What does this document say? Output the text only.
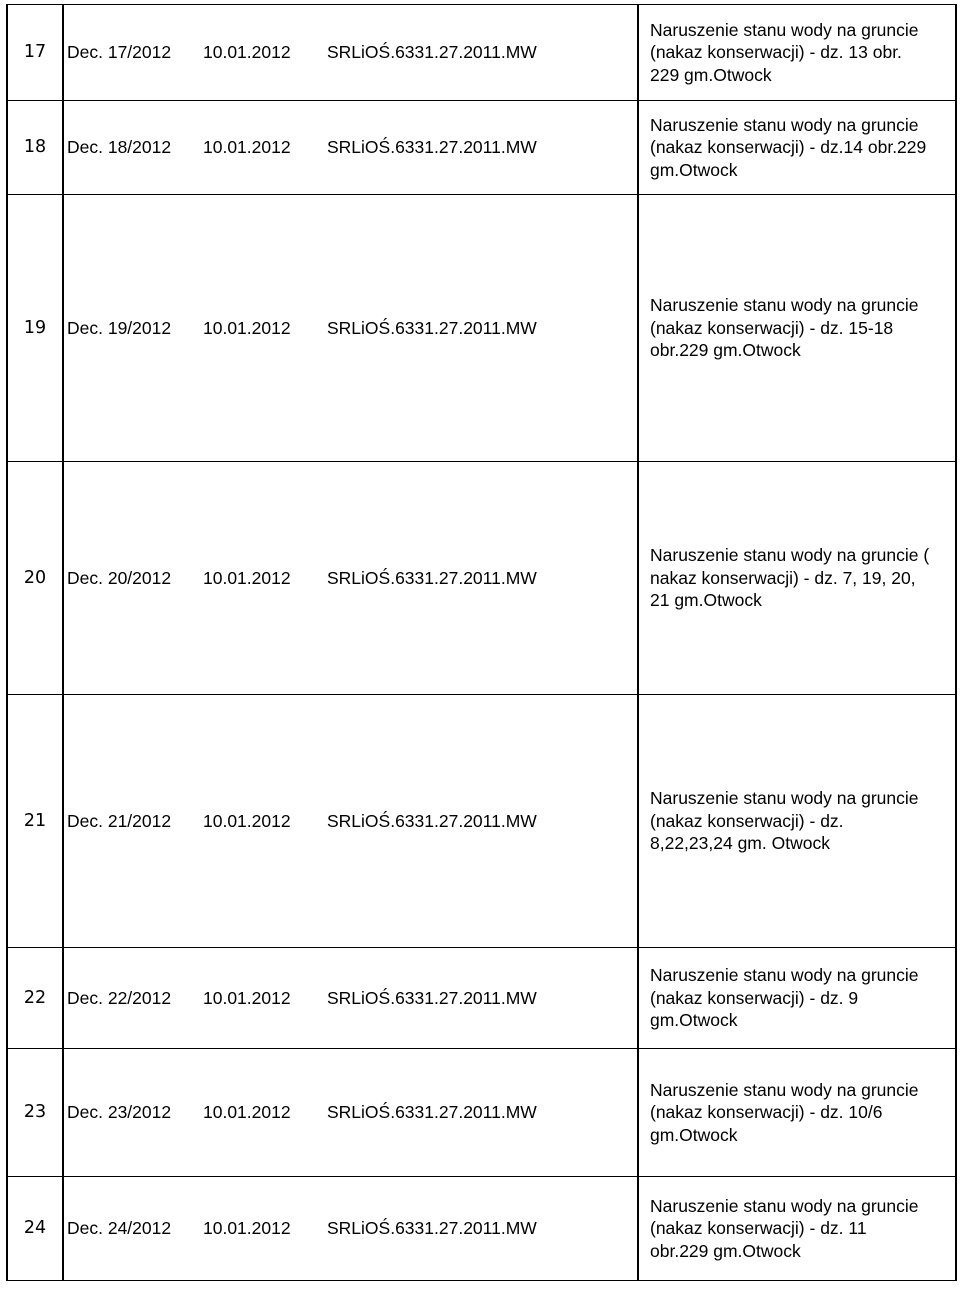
17	Dec. 17/2012	10.01.2012	SRLiOŚ.6331.27.2011.MW	Naruszenie stanu wody na gruncie
(nakaz konserwacji) - dz. 13 obr.
229 gm.Otwock

18	Dec. 18/2012	10.01.2012	SRLiOŚ.6331.27.2011.MW	Naruszenie stanu wody na gruncie
(nakaz konserwacji) - dz.14 obr.229
gm.Otwock

19	Dec. 19/2012	10.01.2012	SRLiOŚ.6331.27.2011.MW	Naruszenie stanu wody na gruncie
(nakaz konserwacji) - dz. 15-18
obr.229 gm.Otwock

20	Dec. 20/2012	10.01.2012	SRLiOŚ.6331.27.2011.MW	Naruszenie stanu wody na gruncie (
nakaz konserwacji) - dz. 7, 19, 20,
21 gm.Otwock

21	Dec. 21/2012	10.01.2012	SRLiOŚ.6331.27.2011.MW	Naruszenie stanu wody na gruncie
(nakaz konserwacji) - dz.
8,22,23,24 gm. Otwock

22	Dec. 22/2012	10.01.2012	SRLiOŚ.6331.27.2011.MW	Naruszenie stanu wody na gruncie
(nakaz konserwacji) - dz. 9
gm.Otwock

23	Dec. 23/2012	10.01.2012	SRLiOŚ.6331.27.2011.MW	Naruszenie stanu wody na gruncie
(nakaz konserwacji) - dz. 10/6
gm.Otwock

24	Dec. 24/2012	10.01.2012	SRLiOŚ.6331.27.2011.MW	Naruszenie stanu wody na gruncie
(nakaz konserwacji) - dz. 11
obr.229 gm.Otwock
